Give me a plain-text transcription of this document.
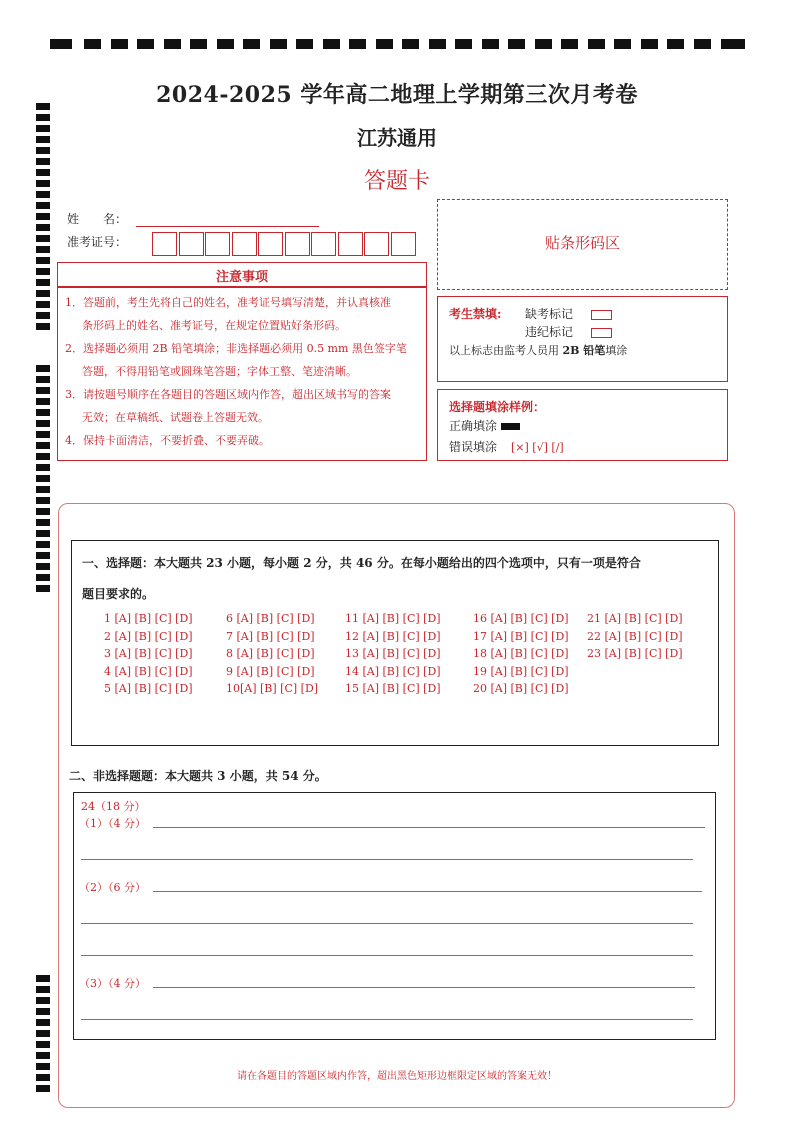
2024-2025 学年高二地理上学期第三次月考卷
江苏通用
答题卡
姓　　名：
准考证号：	贴条形码区
注意事项

1．答题前，考生先将自己的姓名，准考证号填写清楚，并认真核准

条形码上的姓名、准考证号，在规定位置贴好条形码。

2．选择题必须用 2B 铅笔填涂；非选择题必须用 0.5 mm 黑色签字笔

答题，不得用铅笔或圆珠笔答题；字体工整、笔迹清晰。

3．请按题号顺序在各题目的答题区域内作答，超出区域书写的答案

无效；在草稿纸、试题卷上答题无效。

4．保持卡面清洁，不要折叠、不要弄破。

考生禁填: 缺考标记
违纪标记
以上标志由监考人员用 2B 铅笔填涂
选择题填涂样例：
正确填涂
错误填涂 [×] [√] [/]
一、选择题：本大题共 23 小题，每小题 2 分，共 46 分。在每小题给出的四个选项中，只有一项是符合
题目要求的。
1 [A] [B] [C] [D]
2 [A] [B] [C] [D]
3 [A] [B] [C] [D]
4 [A] [B] [C] [D]
5 [A] [B] [C] [D]
6 [A] [B] [C] [D]
7 [A] [B] [C] [D]
8 [A] [B] [C] [D]
9 [A] [B] [C] [D]
10[A] [B] [C] [D]
11 [A] [B] [C] [D]
12 [A] [B] [C] [D]
13 [A] [B] [C] [D]
14 [A] [B] [C] [D]
15 [A] [B] [C] [D]
16 [A] [B] [C] [D]
17 [A] [B] [C] [D]
18 [A] [B] [C] [D]
19 [A] [B] [C] [D]
20 [A] [B] [C] [D]
21 [A] [B] [C] [D]
22 [A] [B] [C] [D]
23 [A] [B] [C] [D]
二、非选择题题：本大题共 3 小题，共 54 分。
24（18 分）
（1）（4 分）
（2）（6 分）
（3）（4 分）
请在各题目的答题区域内作答，超出黑色矩形边框限定区域的答案无效！
